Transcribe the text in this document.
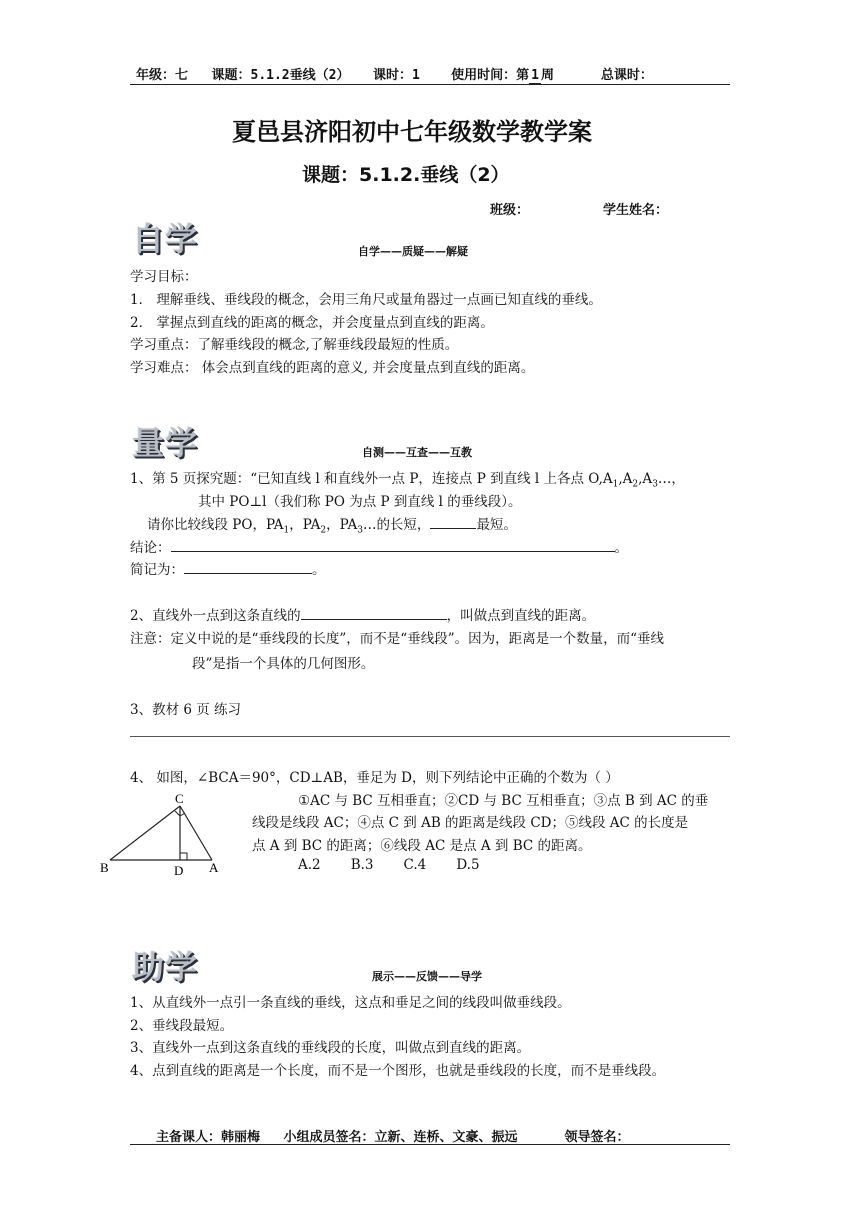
年级：七 课题：5.1.2垂线（2） 课时：1 使用时间：第 1 周	总课时：
夏邑县济阳初中七年级数学教学案
课题：5.1.2.垂线（2）
班级：	学生姓名：
自学	自学——质疑——解疑
学习目标：
1． 理解垂线、垂线段的概念，会用三角尺或量角器过一点画已知直线的垂线。
2． 掌握点到直线的距离的概念，并会度量点到直线的距离。
学习重点：了解垂线段的概念,了解垂线段最短的性质。
学习难点： 体会点到直线的距离的意义, 并会度量点到直线的距离。
量学	自测——互查——互教
1、第 5 页探究题：“已知直线 l 和直线外一点 P，连接点 P 到直线 l 上各点 $O,A_1,A_2,A_3\dots$，
其中 PO⊥l（我们称 PO 为点 P 到直线 l 的垂线段）。
请你比较线段 PO，$PA_1$，$PA_2$，$PA_3\dots$的长短，	最短。
结论：	。
简记为：	。
2、直线外一点到这条直线的	，叫做点到直线的距离。
注意：定义中说的是“垂线段的长度”，而不是“垂线段”。因为，距离是一个数量，而“垂线
段”是指一个具体的几何图形。
3、教材 6 页 练习
4、 如图，∠BCA＝90°，CD⊥AB，垂足为 D，则下列结论中正确的个数为（ ）
①AC 与 BC 互相垂直；②CD 与 BC 互相垂直；③点 B 到 AC 的垂
线段是线段 AC；④点 C 到 AB 的距离是线段 CD；⑤线段 AC 的长度是
点 A 到 BC 的距离；⑥线段 AC 是点 A 到 BC 的距离。
A.2 B.3 C.4 D.5
C
B	D A
助学	展示——反馈——导学
1、从直线外一点引一条直线的垂线，这点和垂足之间的线段叫做垂线段。
2、垂线段最短。
3、直线外一点到这条直线的垂线段的长度，叫做点到直线的距离。
4、点到直线的距离是一个长度，而不是一个图形，也就是垂线段的长度，而不是垂线段。
主备课人：韩丽梅 小组成员签名：立新、连桥、文豪、振远	领导签名：
